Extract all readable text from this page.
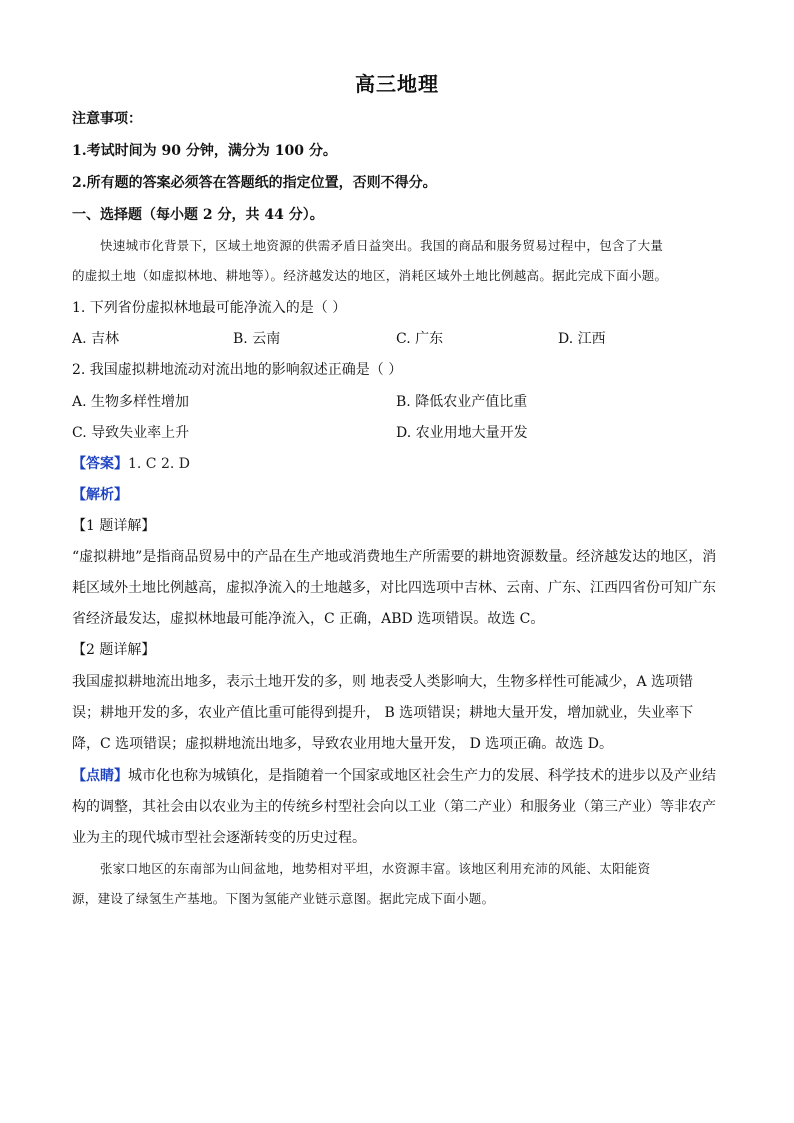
高三地理
注意事项：
1.考试时间为 90 分钟，满分为 100 分。
2.所有题的答案必须答在答题纸的指定位置，否则不得分。
一、选择题（每小题 2 分，共 44 分）。
快速城市化背景下，区域土地资源的供需矛盾日益突出。我国的商品和服务贸易过程中，包含了大量
的虚拟土地（如虚拟林地、耕地等）。经济越发达的地区，消耗区域外土地比例越高。据此完成下面小题。
1. 下列省份虚拟林地最可能净流入的是（ ）
A. 吉林	B. 云南	C. 广东	D. 江西
2. 我国虚拟耕地流动对流出地的影响叙述正确是（ ）
A. 生物多样性增加	B. 降低农业产值比重
C. 导致失业率上升	D. 农业用地大量开发
【答案】1. C 2. D
【解析】
【1 题详解】
“虚拟耕地”是指商品贸易中的产品在生产地或消费地生产所需要的耕地资源数量。经济越发达的地区，消
耗区域外土地比例越高，虚拟净流入的土地越多，对比四选项中吉林、云南、广东、江西四省份可知广东
省经济最发达，虚拟林地最可能净流入，C 正确，ABD 选项错误。故选 C。
【2 题详解】
我国虚拟耕地流出地多，表示土地开发的多，则 地表受人类影响大，生物多样性可能减少，A 选项错
误；耕地开发的多，农业产值比重可能得到提升， B 选项错误；耕地大量开发，增加就业，失业率下
降，C 选项错误；虚拟耕地流出地多，导致农业用地大量开发， D 选项正确。故选 D。
【点睛】城市化也称为城镇化，是指随着一个国家或地区社会生产力的发展、科学技术的进步以及产业结
构的调整，其社会由以农业为主的传统乡村型社会向以工业（第二产业）和服务业（第三产业）等非农产
业为主的现代城市型社会逐渐转变的历史过程。
张家口地区的东南部为山间盆地，地势相对平坦，水资源丰富。该地区利用充沛的风能、太阳能资
源，建设了绿氢生产基地。下图为氢能产业链示意图。据此完成下面小题。
